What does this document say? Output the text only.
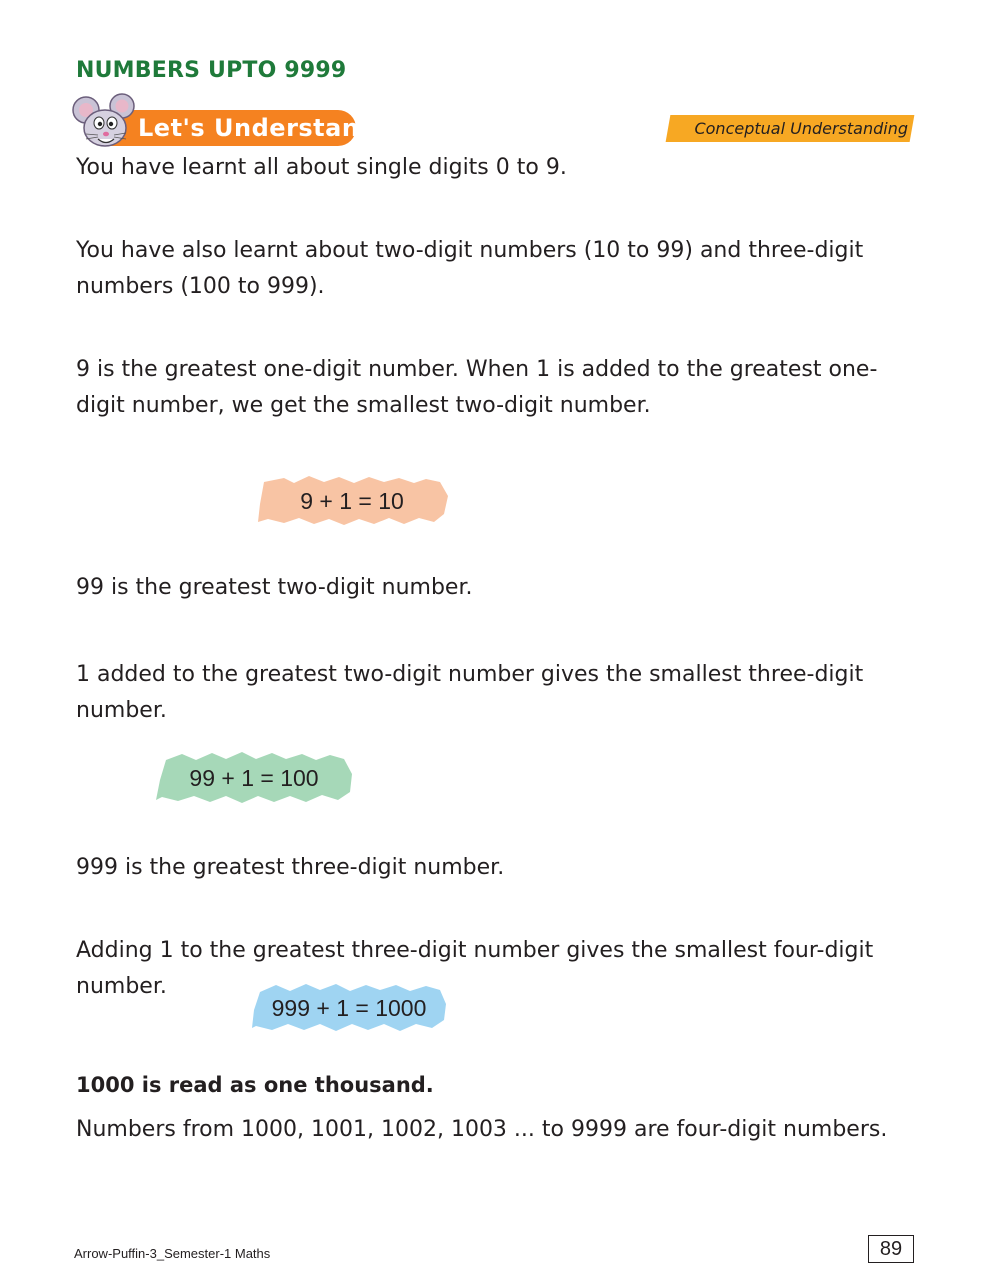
NUMBERS UPTO 9999
Let's Understand	Conceptual Understanding

You have learnt all about single digits 0 to 9.

You have also learnt about two-digit numbers (10 to 99) and three-digit numbers (100 to 999).

9 is the greatest one-digit number. When 1 is added to the greatest one-digit number, we get the smallest two-digit number.

9 + 1 = 10

99 is the greatest two-digit number.

1 added to the greatest two-digit number gives the smallest three-digit number.

99 + 1 = 100

999 is the greatest three-digit number.

Adding 1 to the greatest three-digit number gives the smallest four-digit number.

999 + 1 = 1000

1000 is read as one thousand.

Numbers from 1000, 1001, 1002, 1003 ... to 9999 are four-digit numbers.

Arrow-Puffin-3_Semester-1 Maths	89
